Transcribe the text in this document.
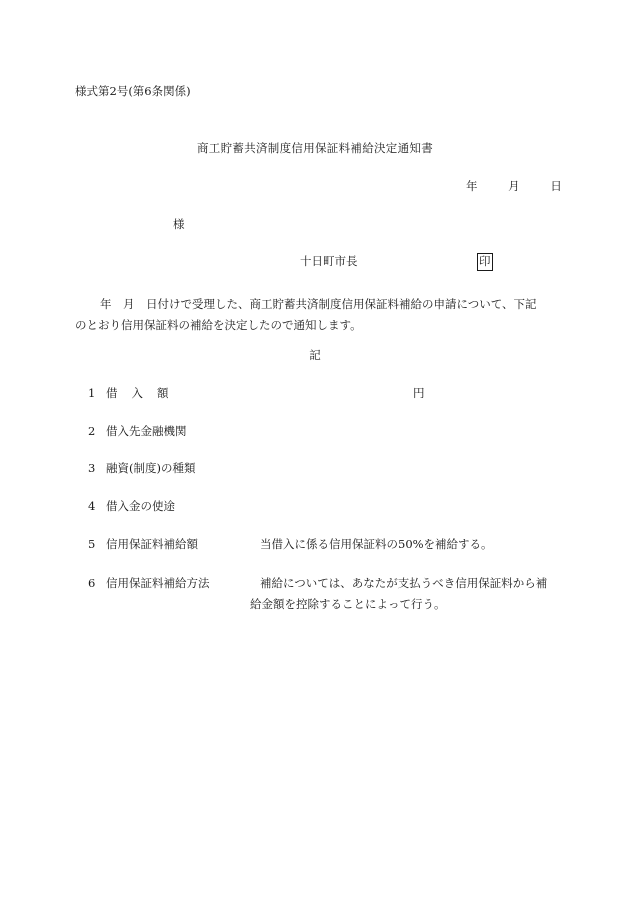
様式第2号(第6条関係)
商工貯蓄共済制度信用保証料補給決定通知書
年	月	日
様
十日町市長	印
年　月　日付けで受理した、商工貯蓄共済制度信用保証料補給の申請について、下記
のとおり信用保証料の補給を決定したので通知します。
記
1 借入額	円
2 借入先金融機関
3 融資(制度)の種類
4 借入金の使途
5 信用保証料補給額	当借入に係る信用保証料の50%を補給する。
6 信用保証料補給方法	補給については、あなたが支払うべき信用保証料から補
給金額を控除することによって行う。
